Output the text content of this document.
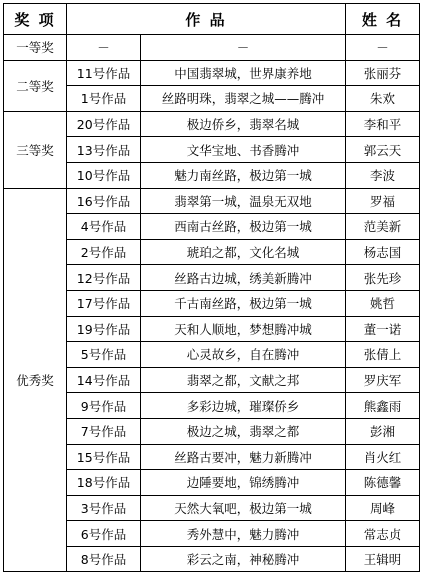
奖 项	作 品		姓 名
一等奖	－	－	－
二等奖	11号作品	中国翡翠城，世界康养地	张丽芬
	1号作品	丝路明珠，翡翠之城——腾冲	朱欢
三等奖	20号作品	极边侨乡，翡翠名城	李和平
	13号作品	文华宝地、书香腾冲	郭云天
	10号作品	魅力南丝路，极边第一城	李波
优秀奖	16号作品	翡翠第一城，温泉无双地	罗福
	4号作品	西南古丝路，极边第一城	范美新
	2号作品	琥珀之都，文化名城	杨志国
	12号作品	丝路古边城，绣美新腾冲	张先珍
	17号作品	千古南丝路，极边第一城	姚哲
	19号作品	天和人顺地，梦想腾冲城	董一诺
	5号作品	心灵故乡，自在腾冲	张倩上
	14号作品	翡翠之都，文献之邦	罗庆军
	9号作品	多彩边城，璀璨侨乡	熊鑫雨
	7号作品	极边之城，翡翠之都	彭湘
	15号作品	丝路古要冲，魅力新腾冲	肖火红
	18号作品	边陲要地，锦绣腾冲	陈德馨
	3号作品	天然大氧吧，极边第一城	周峰
	6号作品	秀外慧中，魅力腾冲	常志贞
	8号作品	彩云之南，神秘腾冲	王辑明
